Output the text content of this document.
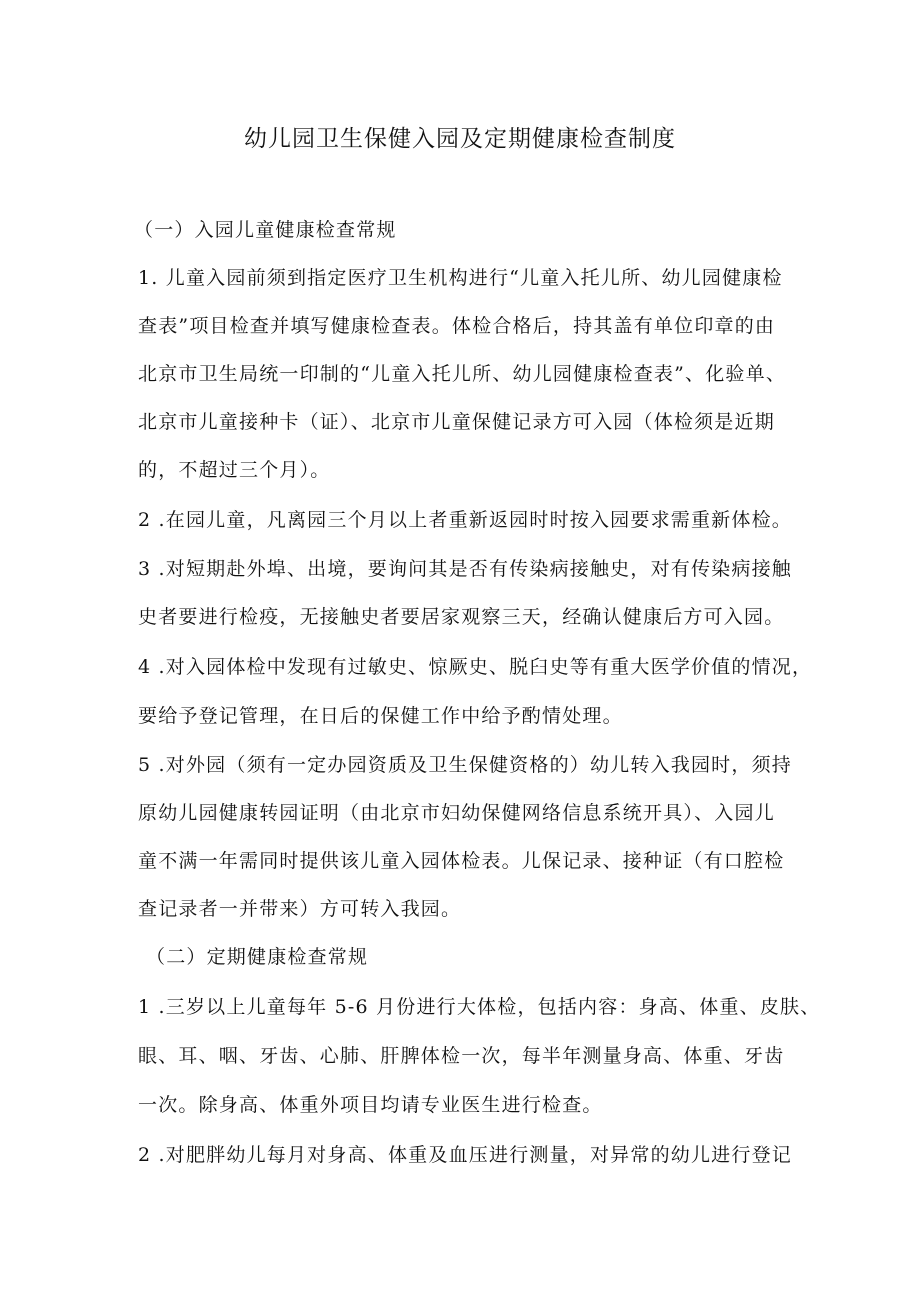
幼儿园卫生保健入园及定期健康检查制度
（一）入园儿童健康检查常规
1. 儿童入园前须到指定医疗卫生机构进行“儿童入托儿所、幼儿园健康检
查表”项目检查并填写健康检查表。体检合格后，持其盖有单位印章的由
北京市卫生局统一印制的“儿童入托儿所、幼儿园健康检查表”、化验单、
北京市儿童接种卡（证）、北京市儿童保健记录方可入园（体检须是近期
的，不超过三个月）。
2 .在园儿童，凡离园三个月以上者重新返园时时按入园要求需重新体检。
3 .对短期赴外埠、出境，要询问其是否有传染病接触史，对有传染病接触
史者要进行检疫，无接触史者要居家观察三天，经确认健康后方可入园。
4 .对入园体检中发现有过敏史、惊厥史、脱臼史等有重大医学价值的情况，
要给予登记管理，在日后的保健工作中给予酌情处理。
5 .对外园（须有一定办园资质及卫生保健资格的）幼儿转入我园时，须持
原幼儿园健康转园证明（由北京市妇幼保健网络信息系统开具）、入园儿
童不满一年需同时提供该儿童入园体检表。儿保记录、接种证（有口腔检
查记录者一并带来）方可转入我园。
（二）定期健康检查常规
1 .三岁以上儿童每年 5-6 月份进行大体检，包括内容：身高、体重、皮肤、
眼、耳、咽、牙齿、心肺、肝脾体检一次，每半年测量身高、体重、牙齿
一次。除身高、体重外项目均请专业医生进行检查。
2 .对肥胖幼儿每月对身高、体重及血压进行测量，对异常的幼儿进行登记
